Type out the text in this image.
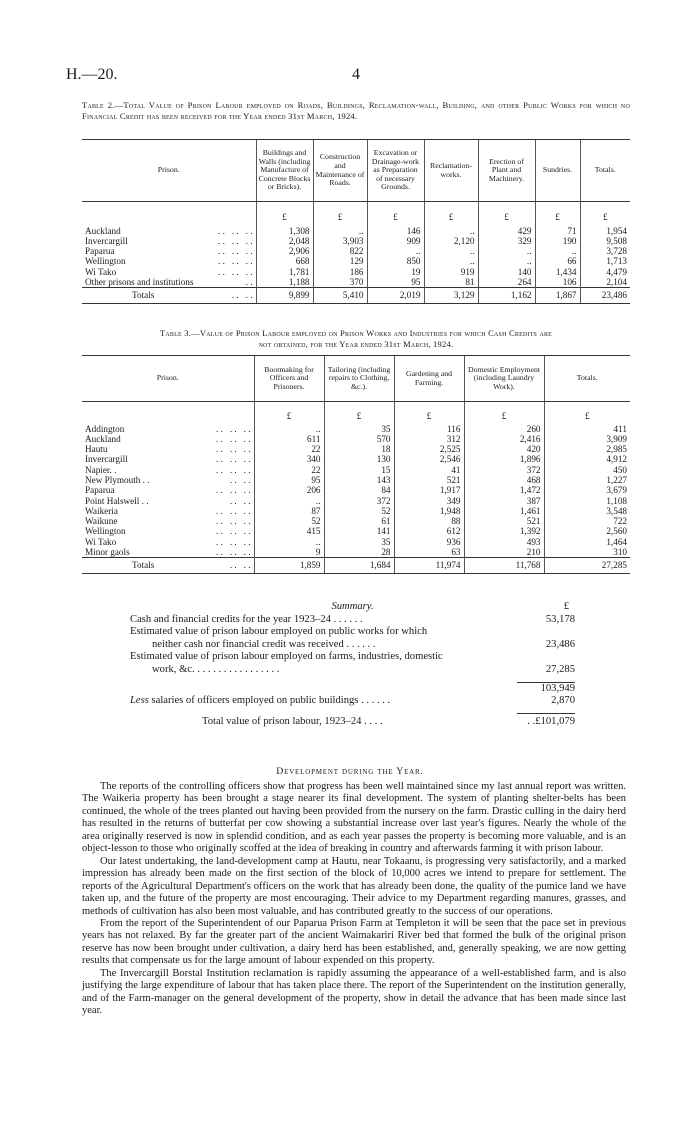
H.—20.	4
Table 2.—Total Value of Prison Labour employed on Roads, Buildings, Reclamation-wall, Building, and other Public Works for which no Financial Credit has been received for the Year ended 31st March, 1924.
Prison.	Buildings and Walls (including Manufacture of Concrete Blocks or Bricks).	Construction and Maintenance of Roads.	Excavation or Drainage-work as Preparation of necessary Grounds.	Reclamation-works.	Erection of Plant and Machinery.	Sundries.	Totals.
	£	£	£	£	£	£	£
Auckland . .   . .   . .	1,308	..	146	..	429	71	1,954
Invercargill . .   . .   . .	2,048	3,903	909	2,120	329	190	9,508
Paparua . .   . .   . .	2,906	822	..	..	..	..	3,728
Wellington . .   . .   . .	668	129	850	..	..	66	1,713
Wi Tako . .   . .   . .	1,781	186	19	919	140	1,434	4,479
Other prisons and institutions . .	1,188	370	95	81	264	106	2,104
Totals . .   . .	9,899	5,410	2,019	3,129	1,162	1,867	23,486
Table 3.—Value of Prison Labour employed on Prison Works and Industries for which Cash Credits are
not obtained, for the Year ended 31st March, 1924.
Prison.	Bootmaking for Officers and Prisoners.	Tailoring (including repairs to Clothing, &c.).	Gardening and Farming.	Domestic Employment (including Laundry Work).	Totals.
	£	£	£	£	£
Addington . .   . .   . .	..	35	116	260	411
Auckland . .   . .   . .	611	570	312	2,416	3,909
Hautu . .   . .   . .	22	18	2,525	420	2,985
Invercargill . .   . .   . .	340	130	2,546	1,896	4,912
Napier. . . .   . .   . .	22	15	41	372	450
New Plymouth . . . .   . .	95	143	521	468	1,227
Paparua . .   . .   . .	206	84	1,917	1,472	3,679
Point Halswell . . . .   . .	..	372	349	387	1,108
Waikeria . .   . .   . .	87	52	1,948	1,461	3,548
Waikune . .   . .   . .	52	61	88	521	722
Wellington . .   . .   . .	415	141	612	1,392	2,560
Wi Tako . .   . .   . .	..	35	936	493	1,464
Minor gaols . .   . .   . .	9	28	63	210	310
Totals . .   . .	1,859	1,684	11,974	11,768	27,285
Summary.	£
Cash and financial credits for the year 1923–24 . . . . . .	53,178
Estimated value of prison labour employed on public works for which
neither cash nor financial credit was received . . . . . .	23,486
Estimated value of prison labour employed on farms, industries, domestic
work, &c. . . . . . . . . . . . . . . . .	27,285
103,949
Less salaries of officers employed on public buildings . . . . . .	2,870
Total value of prison labour, 1923–24 . . . .	. .£101,079
Development during the Year.

The reports of the controlling officers show that progress has been well maintained since my last annual report was written. The Waikeria property has been brought a stage nearer its final development. The system of planting shelter-belts has been continued, the whole of the trees planted out having been provided from the nursery on the farm. Drastic culling in the dairy herd has resulted in the returns of butterfat per cow showing a substantial increase over last year's figures. Nearly the whole of the area originally reserved is now in splendid condition, and as each year passes the property is becoming more valuable, and is an object-lesson to those who originally scoffed at the idea of breaking in country and afterwards farming it with prison labour.

Our latest undertaking, the land-development camp at Hautu, near Tokaanu, is progressing very satisfactorily, and a marked impression has already been made on the first section of the block of 10,000 acres we intend to prepare for settlement. The reports of the Agricultural Department's officers on the work that has already been done, the quality of the pumice land we have taken up, and the future of the property are most encouraging. Their advice to my Department regarding manures, grasses, and methods of cultivation has also been most valuable, and has contributed greatly to the success of our operations.

From the report of the Superintendent of our Paparua Prison Farm at Templeton it will be seen that the pace set in previous years has not relaxed. By far the greater part of the ancient Waimakariri River bed that formed the bulk of the original prison reserve has now been brought under cultivation, a dairy herd has been established, and, generally speaking, we are now getting results that compensate us for the large amount of labour expended on this property.

The Invercargill Borstal Institution reclamation is rapidly assuming the appearance of a well-established farm, and is also justifying the large expenditure of labour that has taken place there. The report of the Superintendent on the institution generally, and of the Farm-manager on the general development of the property, show in detail the advance that has been made since last year.
